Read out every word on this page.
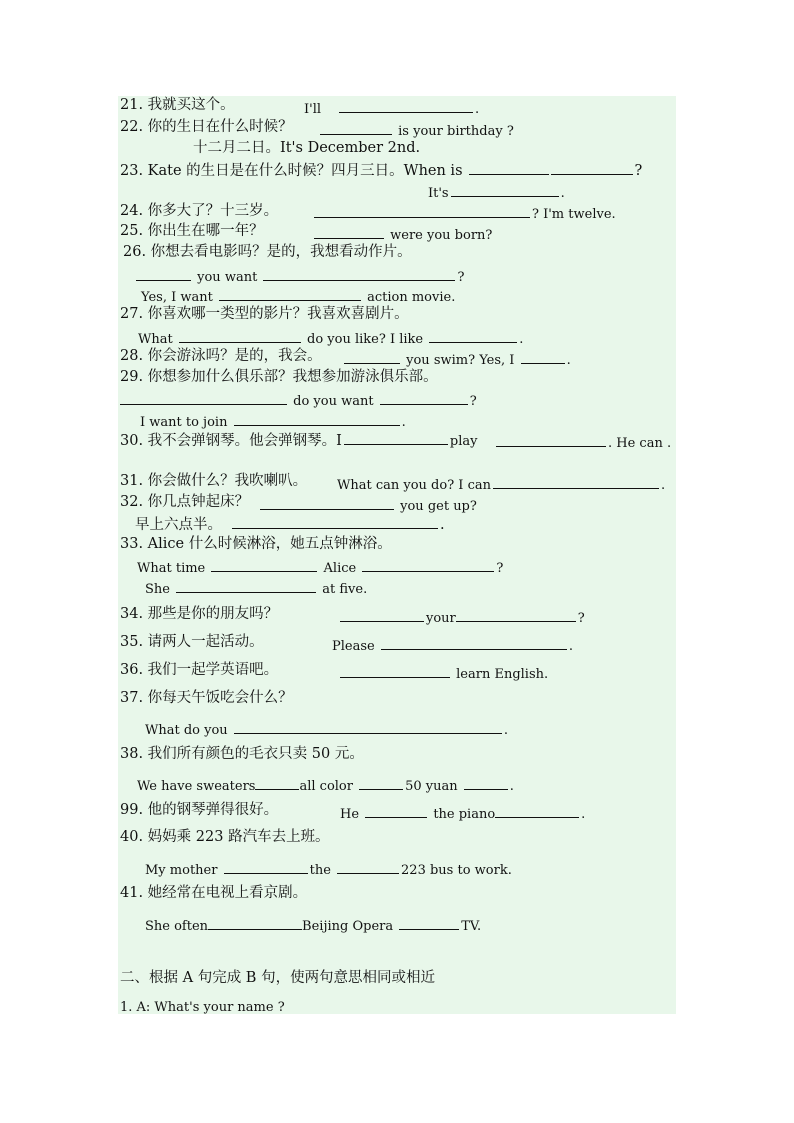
21. 我就买这个。	I'll	.
22. 你的生日在什么时候？	is your birthday ?
十二月二日。It's December 2nd.
23. Kate 的生日是在什么时候？四月三日。When is	?
It's	.
24. 你多大了？十三岁。	? I'm twelve.
25. 你出生在哪一年？	were you born?
26. 你想去看电影吗？是的，我想看动作片。
you want	?
Yes, I want	action movie.
27. 你喜欢哪一类型的影片？我喜欢喜剧片。
What	do you like? I like	.
28. 你会游泳吗？是的，我会。	you swim? Yes, I	.
29. 你想参加什么俱乐部？我想参加游泳俱乐部。
do you want	?
I want to join	.
30. 我不会弹钢琴。他会弹钢琴。I	play	. He can .
31. 你会做什么？我吹喇叭。 What can you do? I can	.
32. 你几点钟起床？	you get up?
早上六点半。	.
33. Alice 什么时候淋浴，她五点钟淋浴。
What time	Alice	?
She	at five.
34. 那些是你的朋友吗？	your	?
35. 请两人一起活动。	Please	.
36. 我们一起学英语吧。	learn English.
37. 你每天午饭吃会什么？
What do you	.
38. 我们所有颜色的毛衣只卖 50 元。
We have sweaters	all color	50 yuan	.
99. 他的钢琴弹得很好。	He	the piano	.
40. 妈妈乘 223 路汽车去上班。
My mother	the	223 bus to work.
41. 她经常在电视上看京剧。
She often	Beijing Opera	TV.
二、根据 A 句完成 B 句，使两句意思相同或相近
1. A: What's your name ?
